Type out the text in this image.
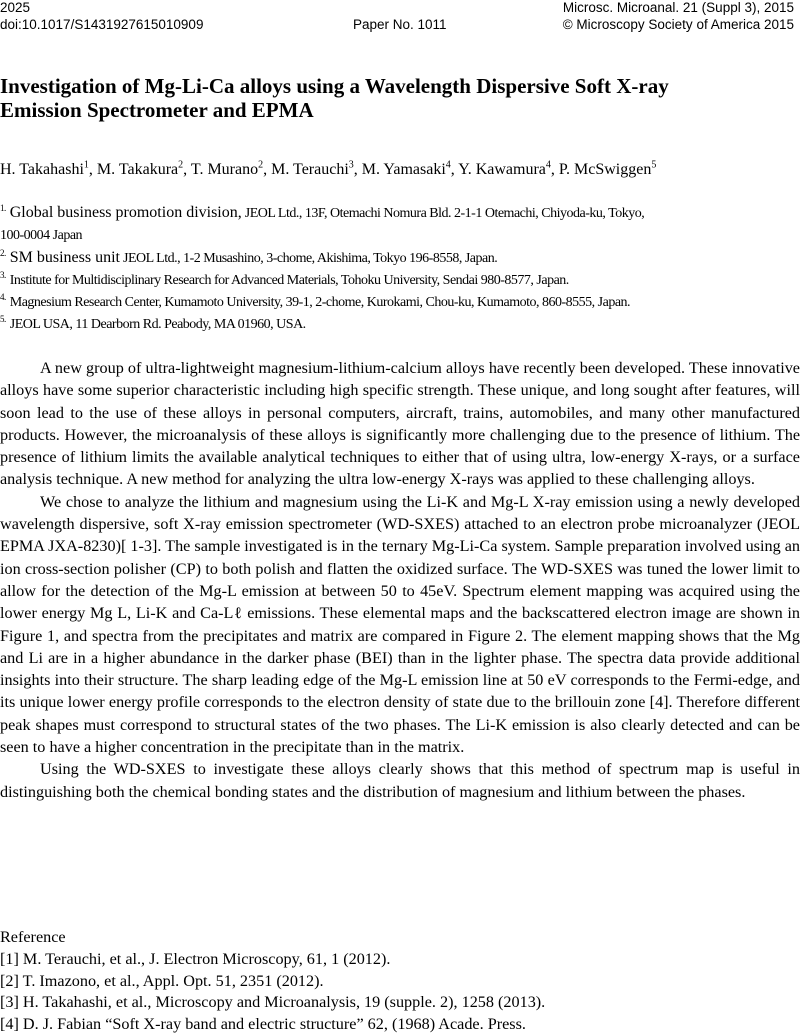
2025	Microsc. Microanal. 21 (Suppl 3), 2015
doi:10.1017/S1431927615010909	Paper No. 1011	© Microscopy Society of America 2015
Investigation of Mg-Li-Ca alloys using a Wavelength Dispersive Soft X-ray
Emission Spectrometer and EPMA
H. Takahashi$^1$, M. Takakura$^2$, T. Murano$^2$, M. Terauchi$^3$, M. Yamasaki$^4$, Y. Kawamura$^4$, P. McSwiggen$^5$
$^{1.}$ Global business promotion division, JEOL Ltd., 13F, Otemachi Nomura Bld. 2-1-1 Otemachi, Chiyoda-ku, Tokyo,
100-0004 Japan
$^{2.}$ SM business unit JEOL Ltd., 1-2 Musashino, 3-chome, Akishima, Tokyo 196-8558, Japan.
$^{3.}$ Institute for Multidisciplinary Research for Advanced Materials, Tohoku University, Sendai 980-8577, Japan.
$^{4.}$ Magnesium Research Center, Kumamoto University, 39-1, 2-chome, Kurokami, Chou-ku, Kumamoto, 860-8555, Japan.
$^{5.}$ JEOL USA, 11 Dearborn Rd. Peabody, MA 01960, USA.

A new group of ultra-lightweight magnesium-lithium-calcium alloys have recently been developed. These innovative alloys have some superior characteristic including high specific strength. These unique, and long sought after features, will soon lead to the use of these alloys in personal computers, aircraft, trains, automobiles, and many other manufactured products. However, the microanalysis of these alloys is significantly more challenging due to the presence of lithium. The presence of lithium limits the available analytical techniques to either that of using ultra, low-energy X-rays, or a surface analysis technique. A new method for analyzing the ultra low-energy X-rays was applied to these challenging alloys.

We chose to analyze the lithium and magnesium using the Li-K and Mg-L X-ray emission using a newly developed wavelength dispersive, soft X-ray emission spectrometer (WD-SXES) attached to an electron probe microanalyzer (JEOL EPMA JXA-8230)[ 1-3]. The sample investigated is in the ternary Mg-Li-Ca system. Sample preparation involved using an ion cross-section polisher (CP) to both polish and flatten the oxidized surface. The WD-SXES was tuned the lower limit to allow for the detection of the Mg-L emission at between 50 to 45eV. Spectrum element mapping was acquired using the lower energy Mg L, Li-K and Ca-Lℓ emissions. These elemental maps and the backscattered electron image are shown in Figure 1, and spectra from the precipitates and matrix are compared in Figure 2. The element mapping shows that the Mg and Li are in a higher abundance in the darker phase (BEI) than in the lighter phase. The spectra data provide additional insights into their structure. The sharp leading edge of the Mg-L emission line at 50 eV corresponds to the Fermi-edge, and its unique lower energy profile corresponds to the electron density of state due to the brillouin zone [4]. Therefore different peak shapes must correspond to structural states of the two phases. The Li-K emission is also clearly detected and can be seen to have a higher concentration in the precipitate than in the matrix.

Using the WD-SXES to investigate these alloys clearly shows that this method of spectrum map is useful in distinguishing both the chemical bonding states and the distribution of magnesium and lithium between the phases.

Reference
[1] M. Terauchi, et al., J. Electron Microscopy, 61, 1 (2012).
[2] T. Imazono, et al., Appl. Opt. 51, 2351 (2012).
[3] H. Takahashi, et al., Microscopy and Microanalysis, 19 (supple. 2), 1258 (2013).
[4] D. J. Fabian “Soft X-ray band and electric structure” 62, (1968) Acade. Press.
